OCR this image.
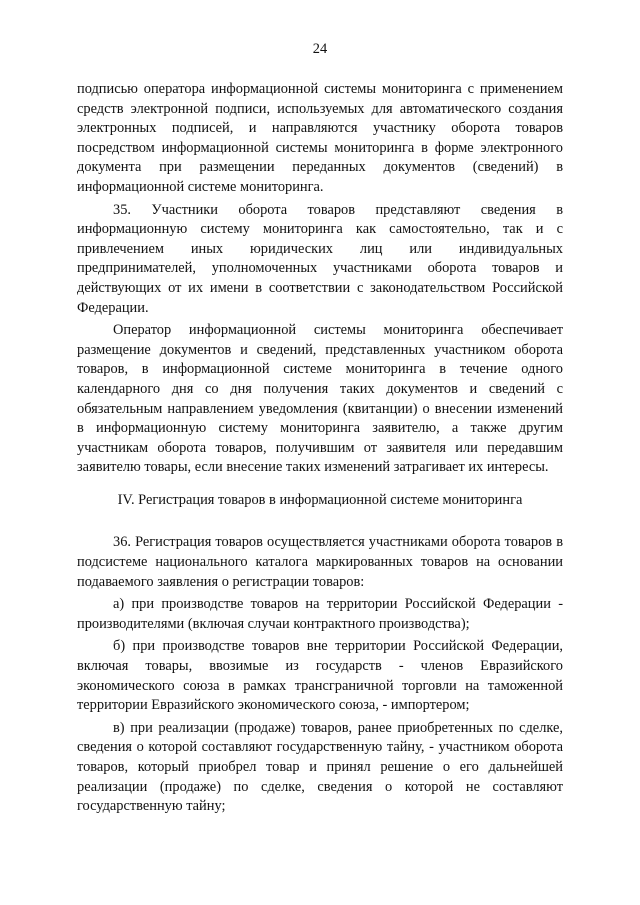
24

подписью оператора информационной системы мониторинга с применением средств электронной подписи, используемых для автоматического создания электронных подписей, и направляются участнику оборота товаров посредством информационной системы мониторинга в форме электронного документа при размещении переданных документов (сведений) в информационной системе мониторинга.

35. Участники оборота товаров представляют сведения в информационную систему мониторинга как самостоятельно, так и с привлечением иных юридических лиц или индивидуальных предпринимателей, уполномоченных участниками оборота товаров и действующих от их имени в соответствии с законодательством Российской Федерации.

Оператор информационной системы мониторинга обеспечивает размещение документов и сведений, представленных участником оборота товаров, в информационной системе мониторинга в течение одного календарного дня со дня получения таких документов и сведений с обязательным направлением уведомления (квитанции) о внесении изменений в информационную систему мониторинга заявителю, а также другим участникам оборота товаров, получившим от заявителя или передавшим заявителю товары, если внесение таких изменений затрагивает их интересы.

IV. Регистрация товаров в информационной системе мониторинга

36. Регистрация товаров осуществляется участниками оборота товаров в подсистеме национального каталога маркированных товаров на основании подаваемого заявления о регистрации товаров:

а) при производстве товаров на территории Российской Федерации - производителями (включая случаи контрактного производства);

б) при производстве товаров вне территории Российской Федерации, включая товары, ввозимые из государств - членов Евразийского экономического союза в рамках трансграничной торговли на таможенной территории Евразийского экономического союза, - импортером;

в) при реализации (продаже) товаров, ранее приобретенных по сделке, сведения о которой составляют государственную тайну, - участником оборота товаров, который приобрел товар и принял решение о его дальнейшей реализации (продаже) по сделке, сведения о которой не составляют государственную тайну;
